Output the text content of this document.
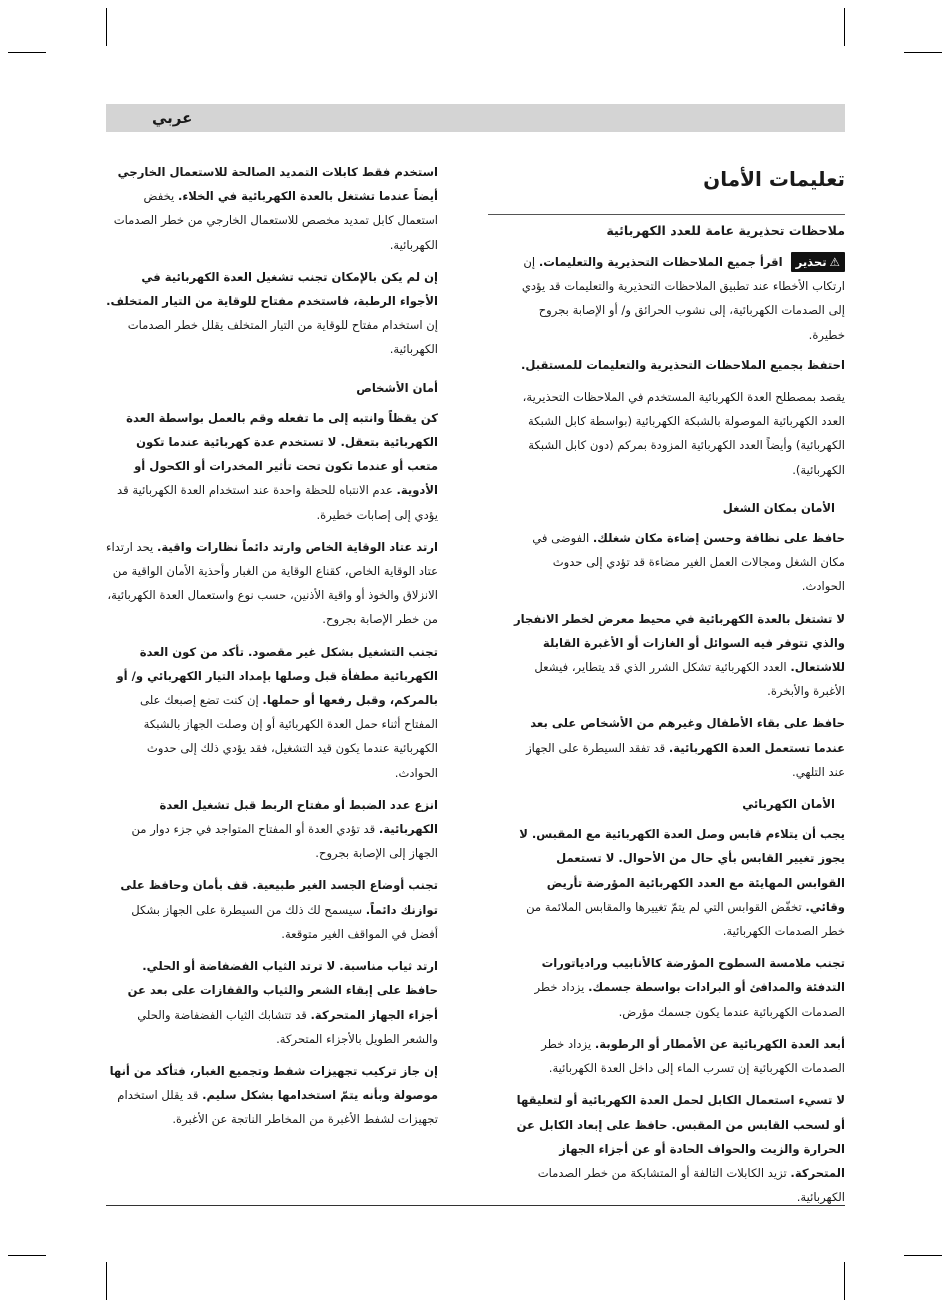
عربي
تعليمات الأمان
ملاحظات تحذيرية عامة للعدد الكهربائية
⚠تحذيراقرأ جميع الملاحظات التحذيرية والتعليمات. إن ارتكاب الأخطاء عند تطبيق الملاحظات التحذيرية والتعليمات قد يؤدي إلى الصدمات الكهربائية، إلى نشوب الحرائق و/ أو الإصابة بجروح خطيرة.
احتفظ بجميع الملاحظات التحذيرية والتعليمات للمستقبل.
يقصد بمصطلح العدة الكهربائية المستخدم في الملاحظات التحذيرية، العدد الكهربائية الموصولة بالشبكة الكهربائية (بواسطة كابل الشبكة الكهربائية) وأيضاً العدد الكهربائية المزودة بمركم (دون كابل الشبكة الكهربائية).
الأمان بمكان الشغل
حافظ على نظافة وحسن إضاءة مكان شغلك. الفوضى في مكان الشغل ومجالات العمل الغير مضاءة قد تؤدي إلى حدوث الحوادث.
لا تشتغل بالعدة الكهربائية في محيط معرض لخطر الانفجار والذي تتوفر فيه السوائل أو الغازات أو الأغبرة القابلة للاشتعال. العدد الكهربائية تشكل الشرر الذي قد يتطاير، فيشعل الأغبرة والأبخرة.
حافظ على بقاء الأطفال وغيرهم من الأشخاص على بعد عندما تستعمل العدة الكهربائية. قد تفقد السيطرة على الجهاز عند التلهي.
الأمان الكهربائي
يجب أن يتلاءم قابس وصل العدة الكهربائية مع المقبس. لا يجوز تغيير القابس بأي حال من الأحوال. لا تستعمل القوابس المهايئة مع العدد الكهربائية المؤرضة تأريض وقائي. تخفّض القوابس التي لم يتمّ تغييرها والمقابس الملائمة من خطر الصدمات الكهربائية.
تجنب ملامسة السطوح المؤرضة كالأنابيب ورادياتورات التدفئة والمدافئ أو البرادات بواسطة جسمك. يزداد خطر الصدمات الكهربائية عندما يكون جسمك مؤرض.
أبعد العدة الكهربائية عن الأمطار أو الرطوبة. يزداد خطر الصدمات الكهربائية إن تسرب الماء إلى داخل العدة الكهربائية.
لا تسيء استعمال الكابل لحمل العدة الكهربائية أو لتعليقها أو لسحب القابس من المقبس. حافظ على إبعاد الكابل عن الحرارة والزيت والحواف الحادة أو عن أجزاء الجهاز المتحركة. تزيد الكابلات التالفة أو المتشابكة من خطر الصدمات الكهربائية.
استخدم فقط كابلات التمديد الصالحة للاستعمال الخارجي أيضاً عندما تشتغل بالعدة الكهربائية في الخلاء. يخفض استعمال كابل تمديد مخصص للاستعمال الخارجي من خطر الصدمات الكهربائية.
إن لم يكن بالإمكان تجنب تشغيل العدة الكهربائية في الأجواء الرطبة، فاستخدم مفتاح للوقاية من التيار المتخلف. إن استخدام مفتاح للوقاية من التيار المتخلف يقلل خطر الصدمات الكهربائية.
أمان الأشخاص
كن يقظاً وانتبه إلى ما تفعله وقم بالعمل بواسطة العدة الكهربائية بتعقل. لا تستخدم عدة كهربائية عندما تكون متعب أو عندما تكون تحت تأثير المخدرات أو الكحول أو الأدوية. عدم الانتباه للحظة واحدة عند استخدام العدة الكهربائية قد يؤدي إلى إصابات خطيرة.
ارتد عتاد الوقاية الخاص وارتد دائماً نظارات واقية. يحد ارتداء عتاد الوقاية الخاص، كقناع الوقاية من الغبار وأحذية الأمان الواقية من الانزلاق والخوذ أو واقية الأذنين، حسب نوع واستعمال العدة الكهربائية، من خطر الإصابة بجروح.
تجنب التشغيل بشكل غير مقصود. تأكد من كون العدة الكهربائية مطفأة قبل وصلها بإمداد التيار الكهربائي و/ أو بالمركم، وقبل رفعها أو حملها. إن كنت تضع إصبعك على المفتاح أثناء حمل العدة الكهربائية أو إن وصلت الجهاز بالشبكة الكهربائية عندما يكون قيد التشغيل، فقد يؤدي ذلك إلى حدوث الحوادث.
انزع عدد الضبط أو مفتاح الربط قبل تشغيل العدة الكهربائية. قد تؤدي العدة أو المفتاح المتواجد في جزء دوار من الجهاز إلى الإصابة بجروح.
تجنب أوضاع الجسد الغير طبيعية. قف بأمان وحافظ على توازنك دائماً. سيسمح لك ذلك من السيطرة على الجهاز بشكل أفضل في المواقف الغير متوقعة.
ارتد ثياب مناسبة. لا ترتد الثياب الفضفاضة أو الحلي. حافظ على إبقاء الشعر والثياب والقفازات على بعد عن أجزاء الجهاز المتحركة. قد تتشابك الثياب الفضفاضة والحلي والشعر الطويل بالأجزاء المتحركة.
إن جاز تركيب تجهيزات شفط وتجميع الغبار، فتأكد من أنها موصولة وبأنه يتمّ استخدامها بشكل سليم. قد يقلل استخدام تجهيزات لشفط الأغبرة من المخاطر الناتجة عن الأغبرة.
